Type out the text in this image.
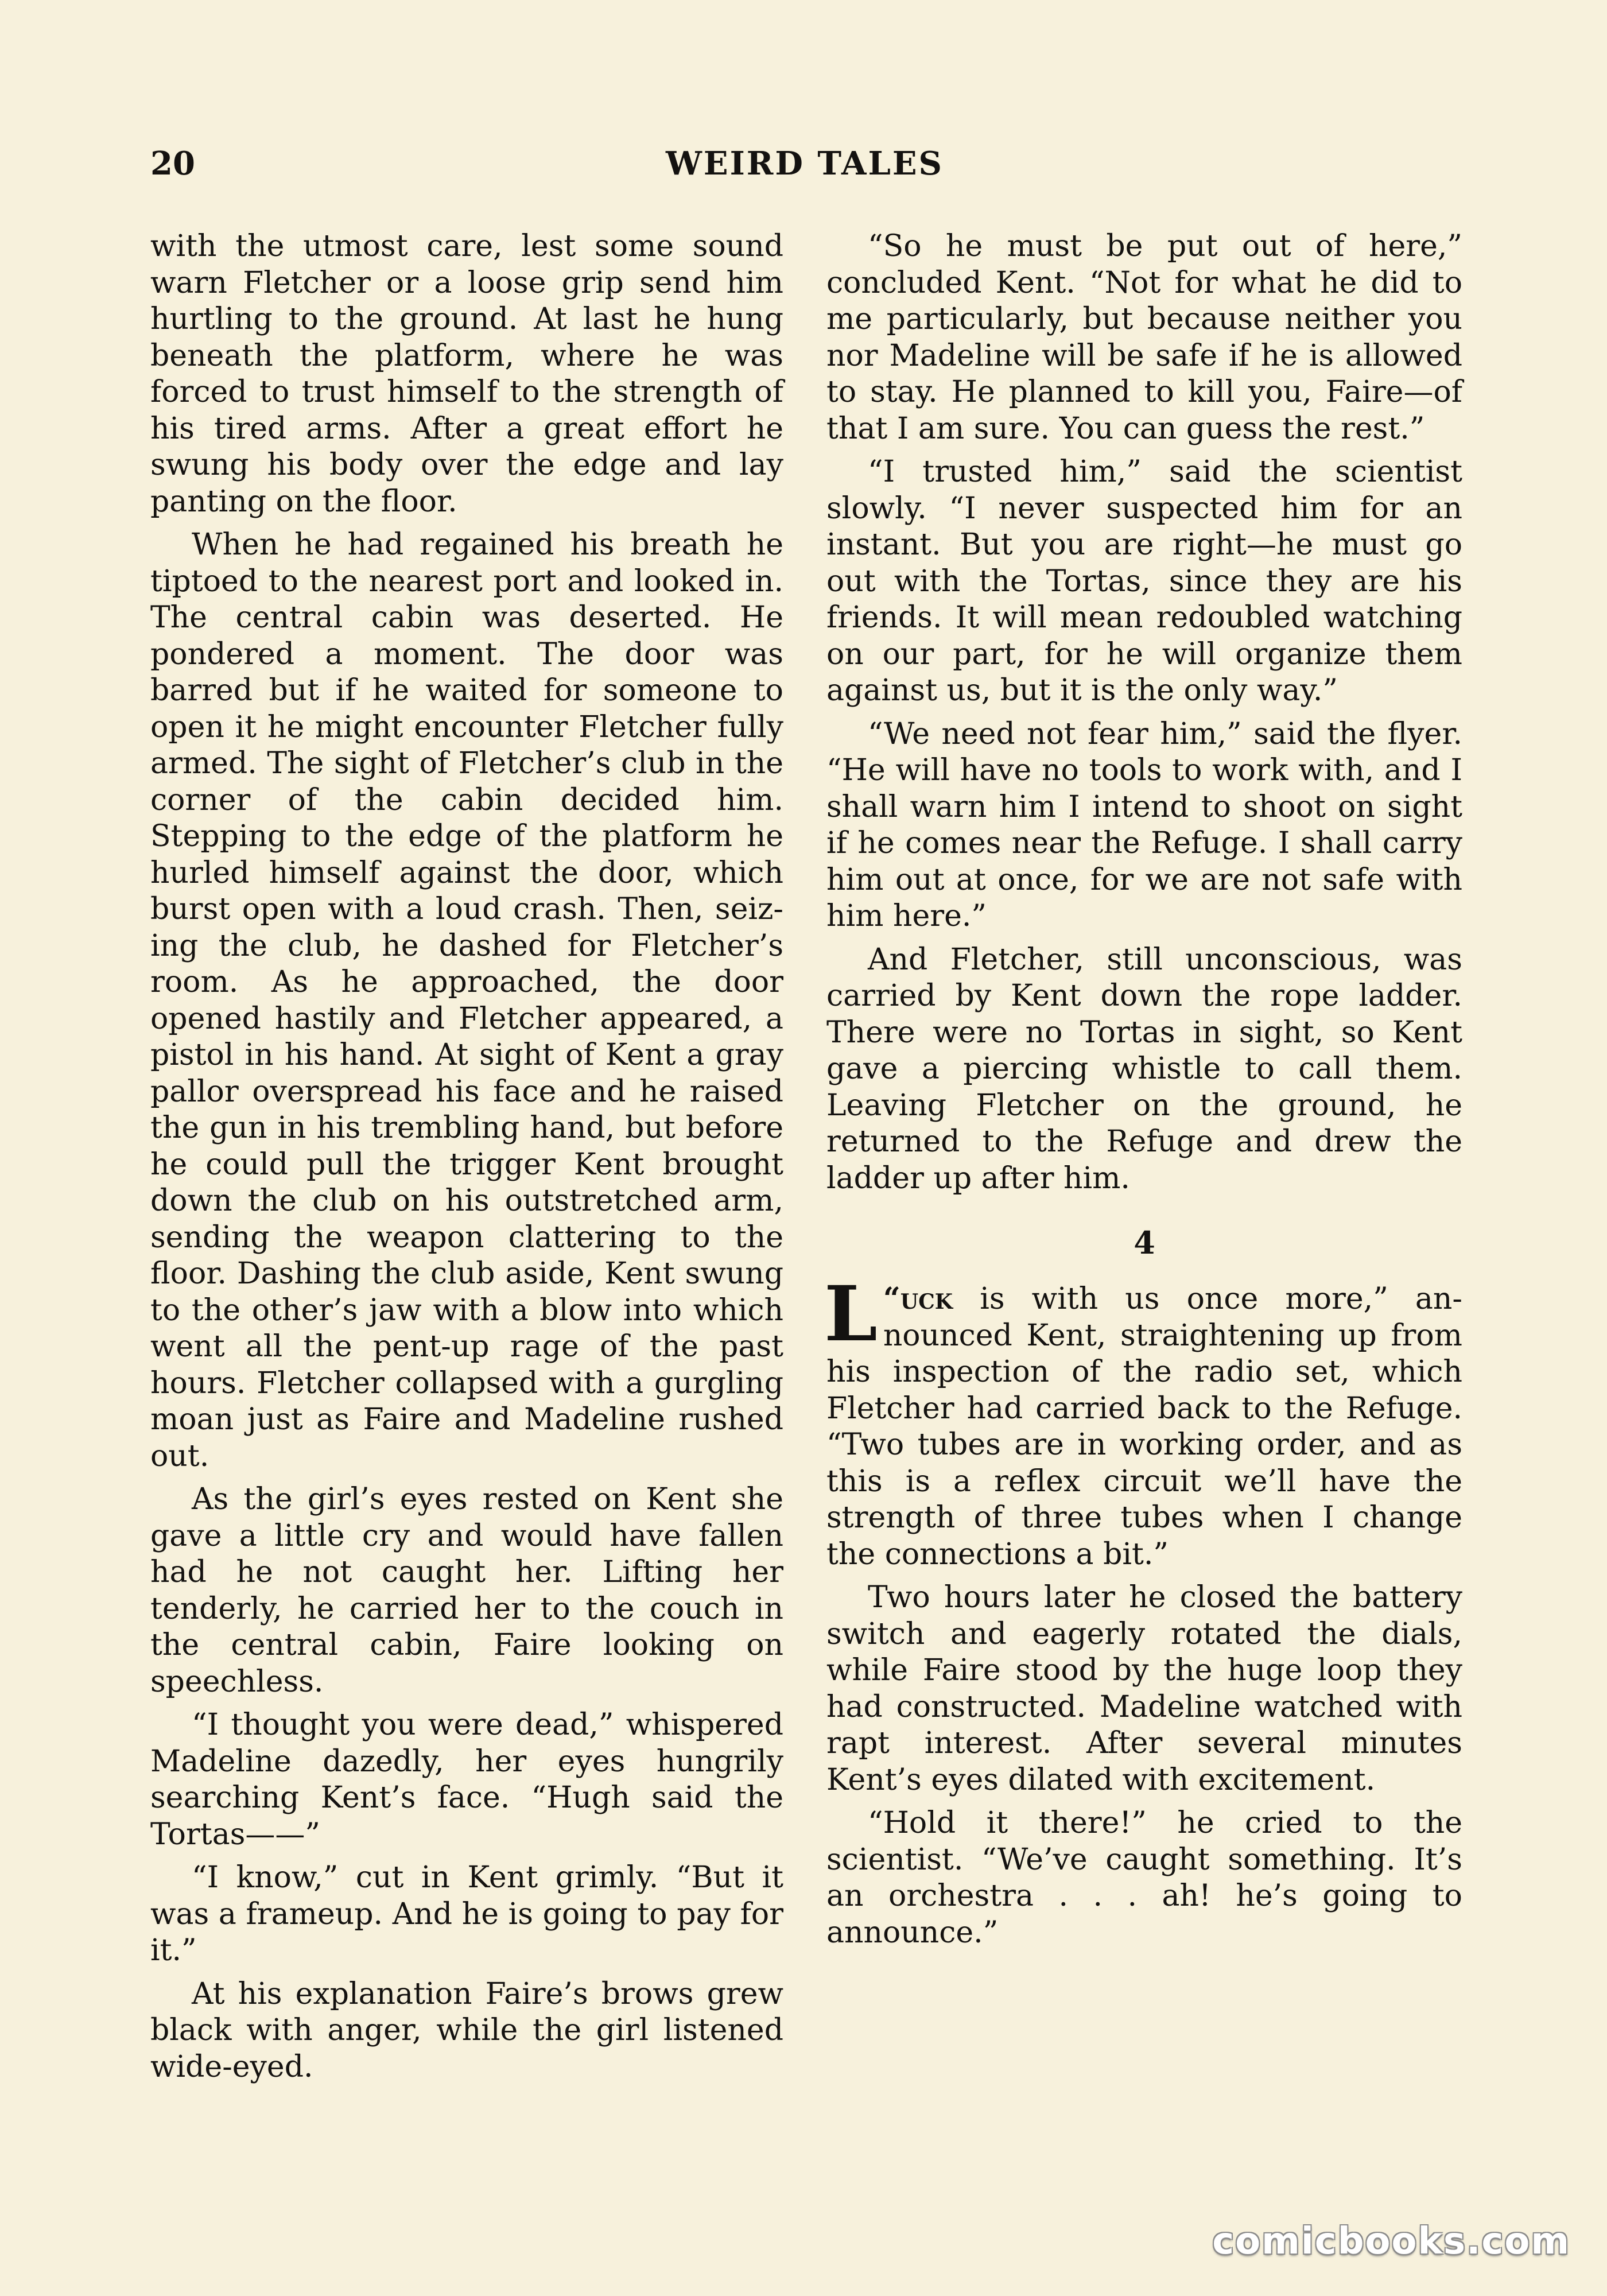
20	WEIRD TALES

with the utmost care, lest some sound warn Fletcher or a loose grip send him hurtling to the ground. At last he hung beneath the platform, where he was forced to trust himself to the strength of his tired arms. After a great effort he swung his body over the edge and lay panting on the floor.

When he had regained his breath he tiptoed to the nearest port and looked in. The central cabin was deserted. He pondered a moment. The door was barred but if he waited for someone to open it he might encounter Fletcher fully armed. The sight of Fletcher’s club in the corner of the cabin decided him. Stepping to the edge of the platform he hurled himself against the door, which burst open with a loud crash. Then, seizing the club, he dashed for Fletcher’s room. As he approached, the door opened hastily and Fletcher appeared, a pistol in his hand. At sight of Kent a gray pallor overspread his face and he raised the gun in his trembling hand, but before he could pull the trigger Kent brought down the club on his outstretched arm, sending the weapon clattering to the floor. Dashing the club aside, Kent swung to the other’s jaw with a blow into which went all the pent-up rage of the past hours. Fletcher collapsed with a gurgling moan just as Faire and Madeline rushed out.

As the girl’s eyes rested on Kent she gave a little cry and would have fallen had he not caught her. Lifting her tenderly, he carried her to the couch in the central cabin, Faire looking on speechless.

“I thought you were dead,” whispered Madeline dazedly, her eyes hungrily searching Kent’s face. “Hugh said the Tortas——”

“I know,” cut in Kent grimly. “But it was a frameup. And he is going to pay for it.”

At his explanation Faire’s brows grew black with anger, while the girl listened wide-eyed.

“So he must be put out of here,” concluded Kent. “Not for what he did to me particularly, but because neither you nor Madeline will be safe if he is allowed to stay. He planned to kill you, Faire—of that I am sure. You can guess the rest.”

“I trusted him,” said the scientist slowly. “I never suspected him for an instant. But you are right—he must go out with the Tortas, since they are his friends. It will mean redoubled watching on our part, for he will organize them against us, but it is the only way.”

“We need not fear him,” said the flyer. “He will have no tools to work with, and I shall warn him I intend to shoot on sight if he comes near the Refuge. I shall carry him out at once, for we are not safe with him here.”

And Fletcher, still unconscious, was carried by Kent down the rope ladder. There were no Tortas in sight, so Kent gave a piercing whistle to call them. Leaving Fletcher on the ground, he returned to the Refuge and drew the ladder up after him.

4

“
L uck is with us once more,” announced Kent, straightening up from his inspection of the radio set, which Fletcher had carried back to the Refuge. “Two tubes are in working order, and as this is a reflex circuit we’ll have the strength of three tubes when I change the connections a bit.”

Two hours later he closed the battery switch and eagerly rotated the dials, while Faire stood by the huge loop they had constructed. Madeline watched with rapt interest. After several minutes Kent’s eyes dilated with excitement.

“Hold it there!” he cried to the scientist. “We’ve caught something. It’s an orchestra . . . ah! he’s going to announce.”

comicbooks.com
